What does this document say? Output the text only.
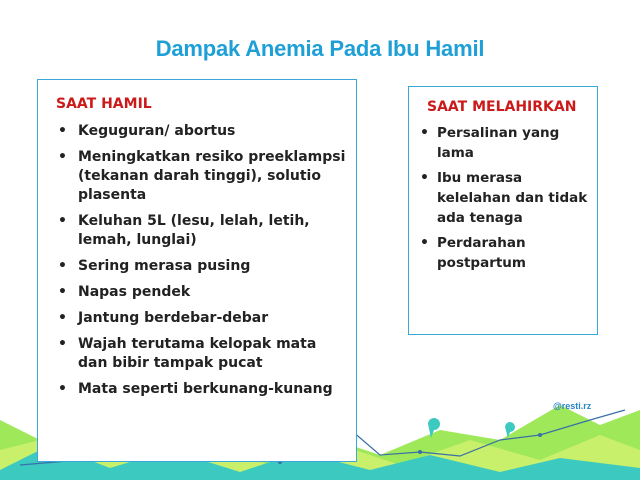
Dampak Anemia Pada Ibu Hamil
SAAT HAMIL
• Keguguran/ abortus
• Meningkatkan resiko preeklampsi (tekanan darah tinggi), solutio plasenta
• Keluhan 5L (lesu, lelah, letih, lemah, lunglai)
• Sering merasa pusing
• Napas pendek
• Jantung berdebar-debar
• Wajah terutama kelopak mata dan bibir tampak pucat
• Mata seperti berkunang-kunang
SAAT MELAHIRKAN
• Persalinan yang lama
• Ibu merasa kelelahan dan tidak ada tenaga
• Perdarahan postpartum
@resti.rz
